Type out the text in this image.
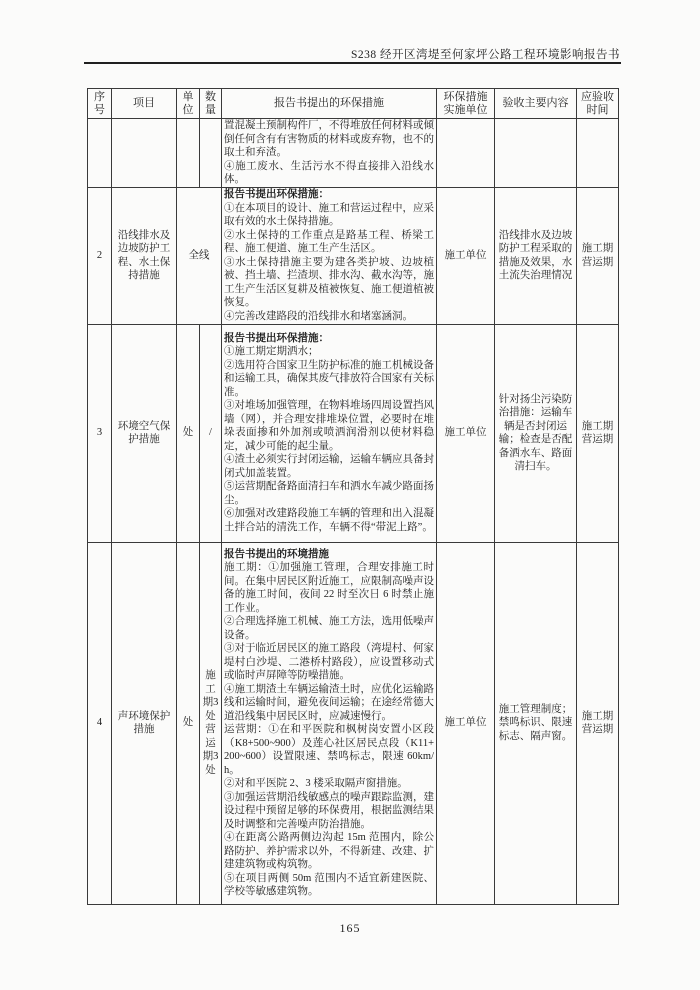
S238 经开区湾堤至何家坪公路工程环境影响报告书
序号	项目	单位	数量	报告书提出的环保措施	环保措施实施单位	验收主要内容	应验收时间

				置混凝土预制构件厂，不得堆放任何材料或倾倒任何含有有害物质的材料或废弃物，也不的取土和弃渣。
④施工废水、生活污水不得直接排入沿线水体。			

2	沿线排水及边坡防护工程、水土保持措施	全线		报告书提出环保措施：
①在本项目的设计、施工和营运过程中，应采取有效的水土保持措施。
②水土保持的工作重点是路基工程、桥梁工程、施工便道、施工生产生活区。
③水土保持措施主要为建各类护坡、边坡植被、挡土墙、拦渣坝、排水沟、截水沟等，施工生产生活区复耕及植被恢复、施工便道植被恢复。
④完善改建路段的沿线排水和堵塞涵洞。	施工单位	沿线排水及边坡防护工程采取的措施及效果，水土流失治理情况	施工期营运期
3	环境空气保护措施	处	/	
报告书提出环保措施：
①施工期定期洒水；
②选用符合国家卫生防护标准的施工机械设备和运输工具，确保其废气排放符合国家有关标准。
③对堆场加强管理，在物料堆场四周设置挡风墙（网），并合理安排堆垛位置，必要时在堆垛表面掺和外加剂或喷洒润滑剂以使材料稳定，减少可能的起尘量。
④渣土必须实行封闭运输，运输车辆应具备封闭式加盖装置。
⑤运营期配备路面清扫车和洒水车减少路面扬尘。
⑥加强对改建路段施工车辆的管理和出入混凝土拌合站的清洗工作，车辆不得“带泥上路”。
	施工单位	针对扬尘污染防治措施：运输车辆是否封闭运输；检查是否配备洒水车、路面清扫车。	施工期营运期
4	声环境保护措施	处	施工期3处 营运期3处	
报告书提出的环境措施
施工期：①加强施工管理，合理安排施工时间。在集中居民区附近施工，应限制高噪声设备的施工时间，夜间 22 时至次日 6 时禁止施工作业。
②合理选择施工机械、施工方法，选用低噪声设备。
③对于临近居民区的施工路段（湾堤村、何家堤村白沙堤、二港桥村路段），应设置移动式或临时声屏障等防噪措施。
④施工期渣土车辆运输渣土时，应优化运输路线和运输时间，避免夜间运输；在途经常德大道沿线集中居民区时，应减速慢行。
运营期：①在和平医院和枫树岗安置小区段（K8+500~900）及莲心社区居民点段（K11+200~600）设置限速、禁鸣标志，限速 60km/h。
②对和平医院 2、3 楼采取隔声窗措施。
③加强运营期沿线敏感点的噪声跟踪监测，建设过程中预留足够的环保费用，根据监测结果及时调整和完善噪声防治措施。
④在距离公路两侧边沟起 15m 范围内，除公路防护、养护需求以外，不得新建、改建、扩建建筑物或构筑物。
⑤在项目两侧 50m 范围内不适宜新建医院、学校等敏感建筑物。
	施工单位	施工管理制度；禁鸣标识、限速标志、隔声窗。	施工期营运期
165
